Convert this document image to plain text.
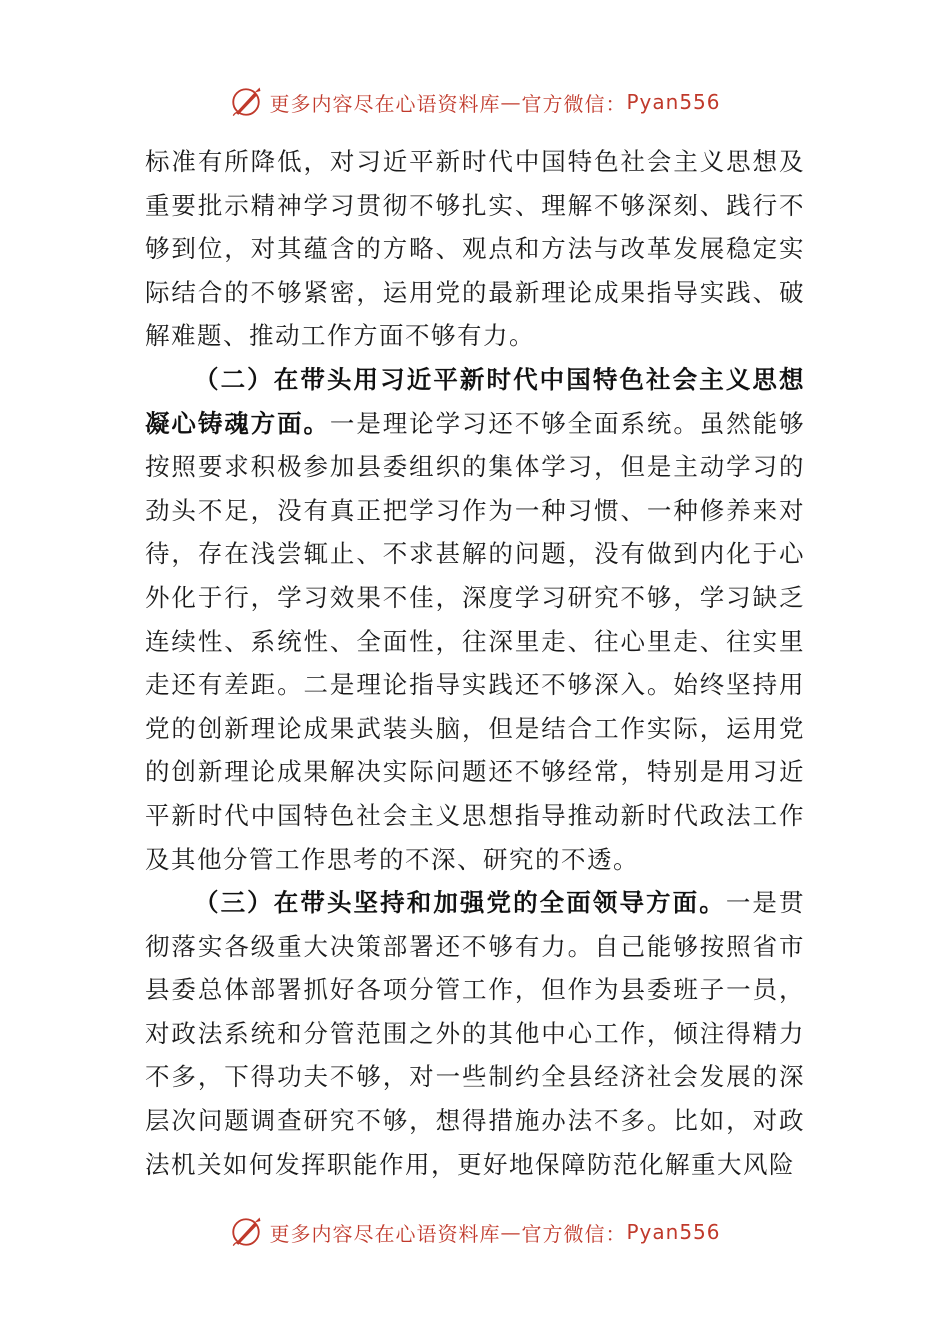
更多内容尽在心语资料库 — 官方微信： Pyan556

标准有所降低，对习近平新时代中国特色社会主义思想及重要批示精神学习贯彻不够扎实、理解不够深刻、践行不够到位，对其蕴含的方略、观点和方法与改革发展稳定实际结合的不够紧密，运用党的最新理论成果指导实践、破解难题、推动工作方面不够有力。

（二）在带头用习近平新时代中国特色社会主义思想凝心铸魂方面。一是理论学习还不够全面系统。虽然能够按照要求积极参加县委组织的集体学习，但是主动学习的劲头不足，没有真正把学习作为一种习惯、一种修养来对待，存在浅尝辄止、不求甚解的问题，没有做到内化于心外化于行，学习效果不佳，深度学习研究不够，学习缺乏连续性、系统性、全面性，往深里走、往心里走、往实里走还有差距。二是理论指导实践还不够深入。始终坚持用党的创新理论成果武装头脑，但是结合工作实际，运用党的创新理论成果解决实际问题还不够经常，特别是用习近平新时代中国特色社会主义思想指导推动新时代政法工作及其他分管工作思考的不深、研究的不透。

（三）在带头坚持和加强党的全面领导方面。一是贯彻落实各级重大决策部署还不够有力。自己能够按照省市县委总体部署抓好各项分管工作，但作为县委班子一员，对政法系统和分管范围之外的其他中心工作，倾注得精力不多，下得功夫不够，对一些制约全县经济社会发展的深层次问题调查研究不够，想得措施办法不多。比如，对政法机关如何发挥职能作用，更好地保障防范化解重大风险

更多内容尽在心语资料库 — 官方微信： Pyan556
